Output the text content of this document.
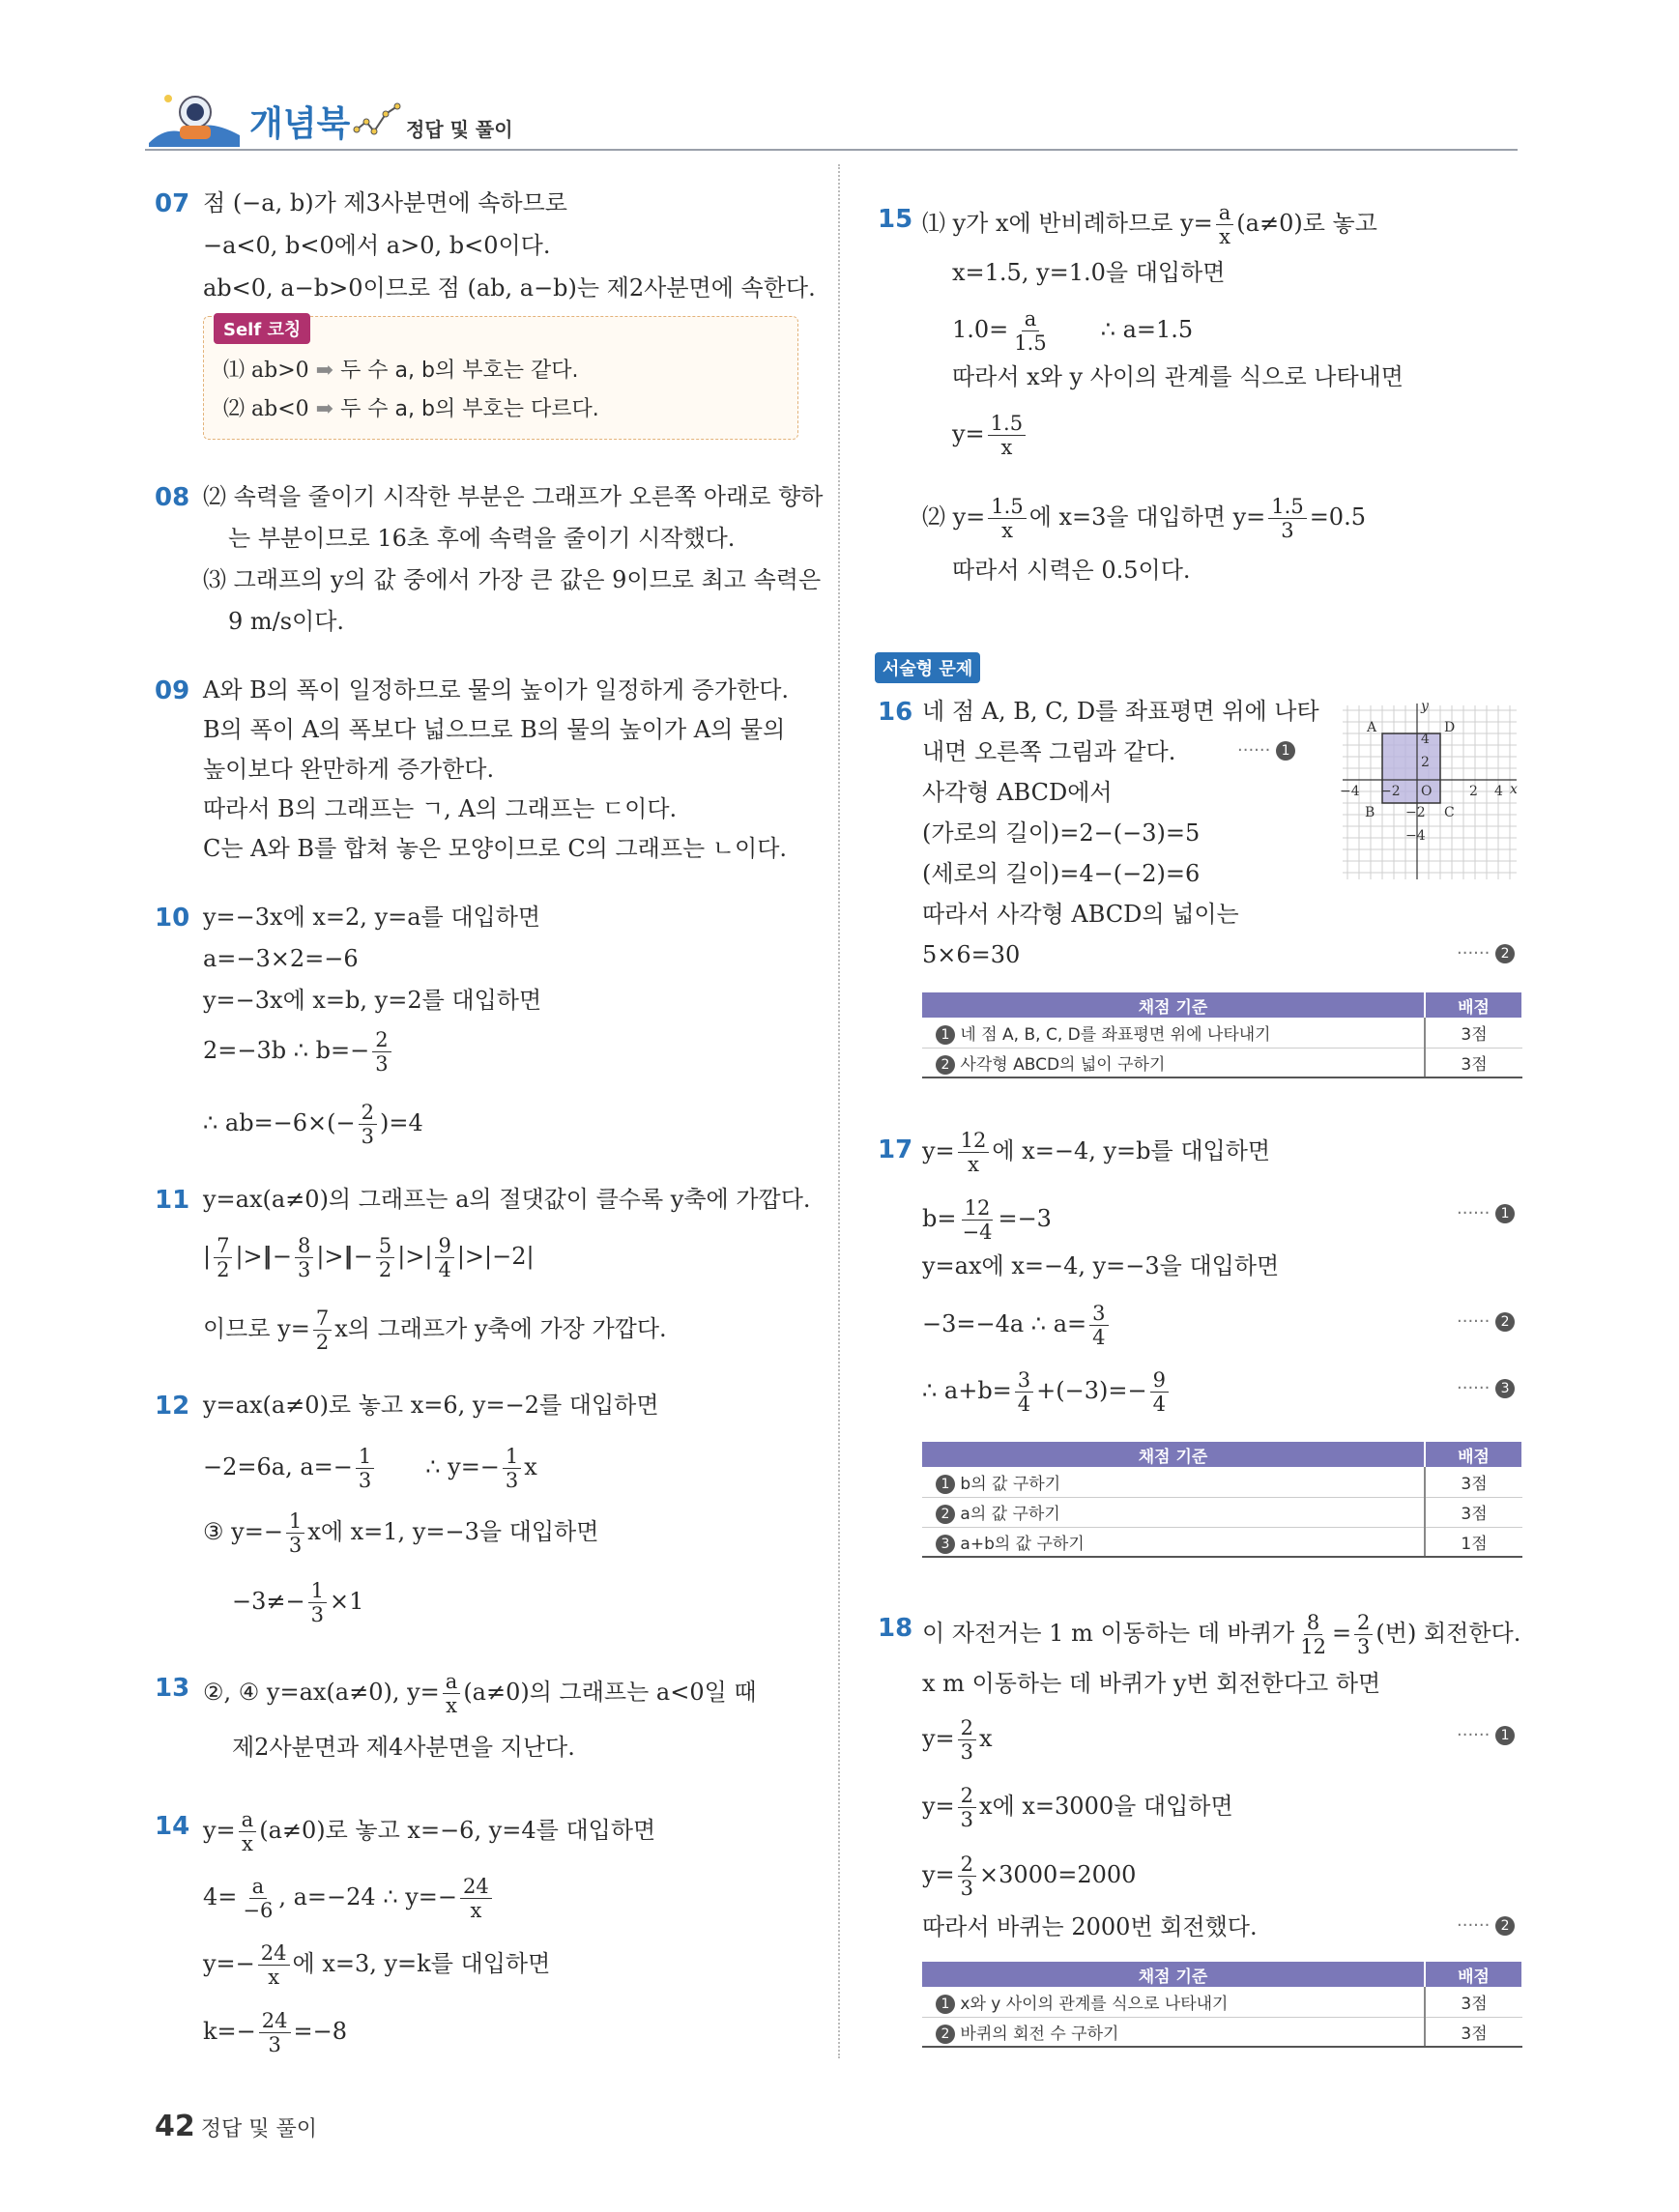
개념북	정답 및 풀이
07 점 (−a, b)가 제3사분면에 속하므로
−a<0, b<0에서 a>0, b<0이다.
ab<0, a−b>0이므로 점 (ab, a−b)는 제2사분면에 속한다.
Self 코칭
⑴ ab>0 ➡ 두 수 a, b의 부호는 같다.
⑵ ab<0 ➡ 두 수 a, b의 부호는 다르다.
08 ⑵ 속력을 줄이기 시작한 부분은 그래프가 오른쪽 아래로 향하
는 부분이므로 16초 후에 속력을 줄이기 시작했다.
⑶ 그래프의 y의 값 중에서 가장 큰 값은 9이므로 최고 속력은
9 m/s이다.
09 A와 B의 폭이 일정하므로 물의 높이가 일정하게 증가한다.
B의 폭이 A의 폭보다 넓으므로 B의 물의 높이가 A의 물의
높이보다 완만하게 증가한다.
따라서 B의 그래프는 ㄱ, A의 그래프는 ㄷ이다.
C는 A와 B를 합쳐 놓은 모양이므로 C의 그래프는 ㄴ이다.
10 y=−3x에 x=2, y=a를 대입하면
a=−3×2=−6
y=−3x에 x=b, y=2를 대입하면
2=−3b ∴ $b=- \frac{2}{3}$
∴ $ab=-6\times(- \frac{2}{3} )=4$
11 y=ax(a≠0)의 그래프는 a의 절댓값이 클수록 y축에 가깝다.
| $\frac{7}{2}$ |>||− $\frac{8}{3}$ |>||− $\frac{5}{2}$ |>| $\frac{9}{4} |>|-2|$
이므로 $y= \frac{7}{2}$ x의 그래프가 y축에 가장 가깝다.
12 y=ax(a≠0)로 놓고 x=6, y=−2를 대입하면
−2=6a, $a=- \frac{1}{3}$ ∴ $y=- \frac{1}{3}$ x
③ $y=- \frac{1}{3}$ x에 x=1, y=−3을 대입하면
$-3\ne- \frac{1}{3} \times 1$
13 ②, ④ y=ax(a≠0), $y= \frac{a}{x} (a\ne 0)$의 그래프는 a<0일 때
제2사분면과 제4사분면을 지난다.
14 $y= \frac{a}{x} (a\ne 0)$로 놓고 x=−6, y=4를 대입하면
$4= \frac{a}{-6}$ , a=−24 ∴ $y=- \frac{24}{x}$
$y=- \frac{24}{x}$ 에 x=3, y=k를 대입하면
$k=- \frac{24}{3} =-8$
15 ⑴ y가 x에 반비례하므로 $y= \frac{a}{x} (a\ne 0)$로 놓고
x=1.5, y=1.0을 대입하면
$1.0= \frac{a}{1.5}$ ∴ a=1.5
따라서 x와 y 사이의 관계를 식으로 나타내면
$y= \frac{1.5}{x}$
⑵ $y= \frac{1.5}{x}$ 에 x=3을 대입하면 $y= \frac{1.5}{3} =0.5$
따라서 시력은 0.5이다.
서술형 문제
16 네 점 A, B, C, D를 좌표평면 위에 나타
내면 오른쪽 그림과 같다.	······ 1
사각형 ABCD에서
(가로의 길이)=2−(−3)=5
(세로의 길이)=4−(−2)=6
따라서 사각형 ABCD의 넓이는
5×6=30	······ 2
A	D
B	C
O
y
x
4
2
−2
−4
−4 −2	2 4
채점 기준	배점
1 네 점 A, B, C, D를 좌표평면 위에 나타내기	3점
2 사각형 ABCD의 넓이 구하기	3점
17 $y= \frac{12}{x}$ 에 x=−4, y=b를 대입하면
$b= \frac{12}{-4} =-3$	······ 1
y=ax에 x=−4, y=−3을 대입하면
−3=−4a ∴ $a= \frac{3}{4}$	······ 2
∴ $a+b= \frac{3}{4} +(-3)=- \frac{9}{4}$	······ 3
채점 기준	배점
1 b의 값 구하기	3점
2 a의 값 구하기	3점
3 a+b의 값 구하기	1점
18 이 자전거는 1 m 이동하는 데 바퀴가 $\frac{8}{12} = \frac{2}{3}$ (번) 회전한다.
x m 이동하는 데 바퀴가 y번 회전한다고 하면
$y= \frac{2}{3}$ x	······ 1
$y= \frac{2}{3}$ x에 x=3000을 대입하면
$y= \frac{2}{3} \times 3000=2000$
따라서 바퀴는 2000번 회전했다.	······ 2
채점 기준	배점
1 x와 y 사이의 관계를 식으로 나타내기	3점
2 바퀴의 회전 수 구하기	3점
42 정답 및 풀이
